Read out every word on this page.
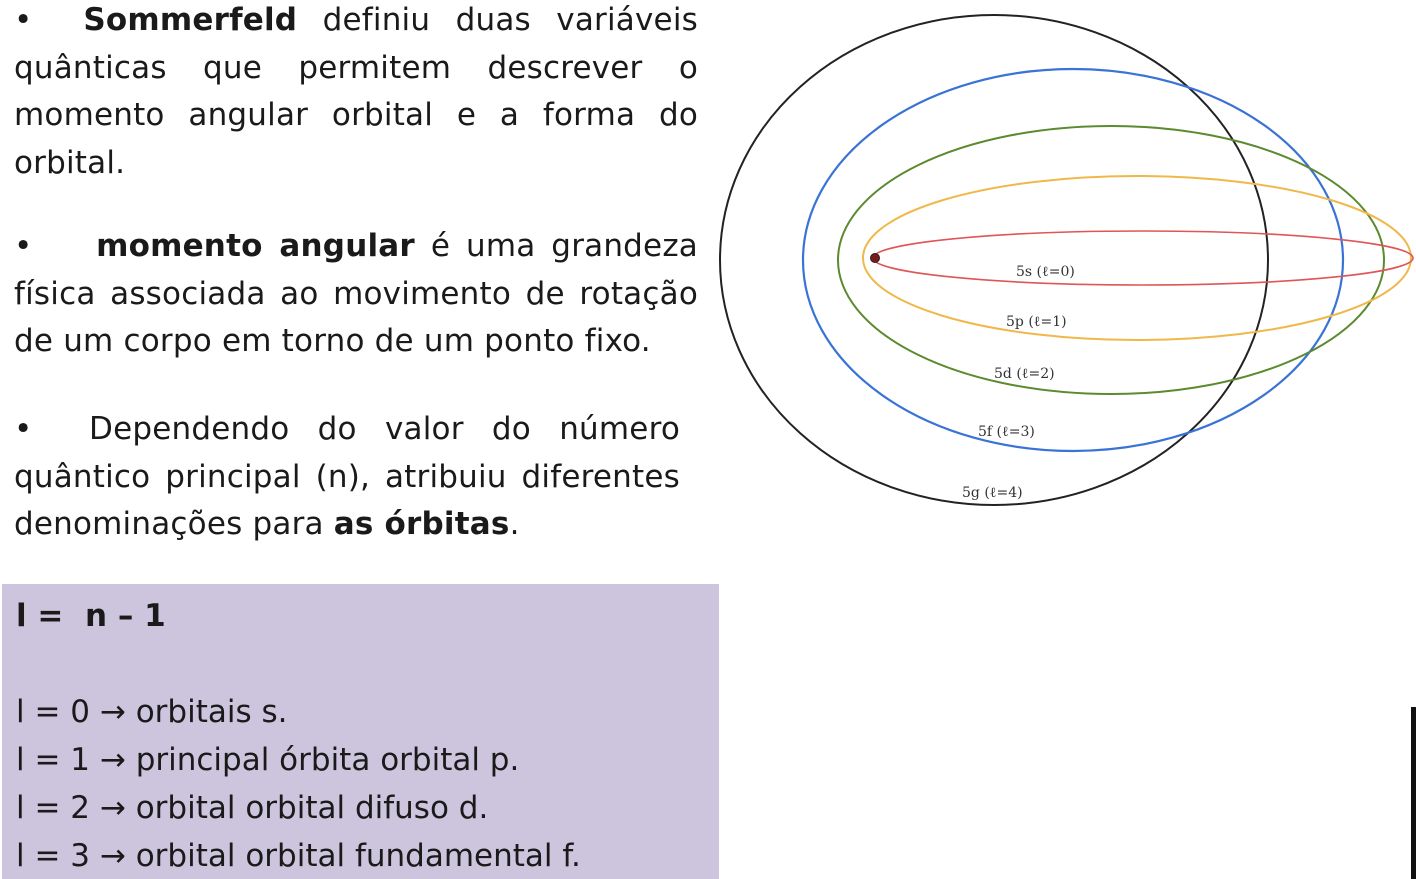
• Sommerfeld definiu duas variáveis quânticas que permitem descrever o momento angular orbital e a forma do orbital.
• momento angular é uma grandeza física associada ao movimento de rotação de um corpo em torno de um ponto fixo.
• Dependendo do valor do número quântico principal (n), atribuiu diferentes denominações para as órbitas.
l =  n – 1
l = 0 → orbitais s.
l = 1 → principal órbita orbital p.
l = 2 → orbital orbital difuso d.
l = 3 → orbital orbital fundamental f.
5s (ℓ=0)
5p (ℓ=1)
5d (ℓ=2)
5f (ℓ=3)
5g (ℓ=4)
